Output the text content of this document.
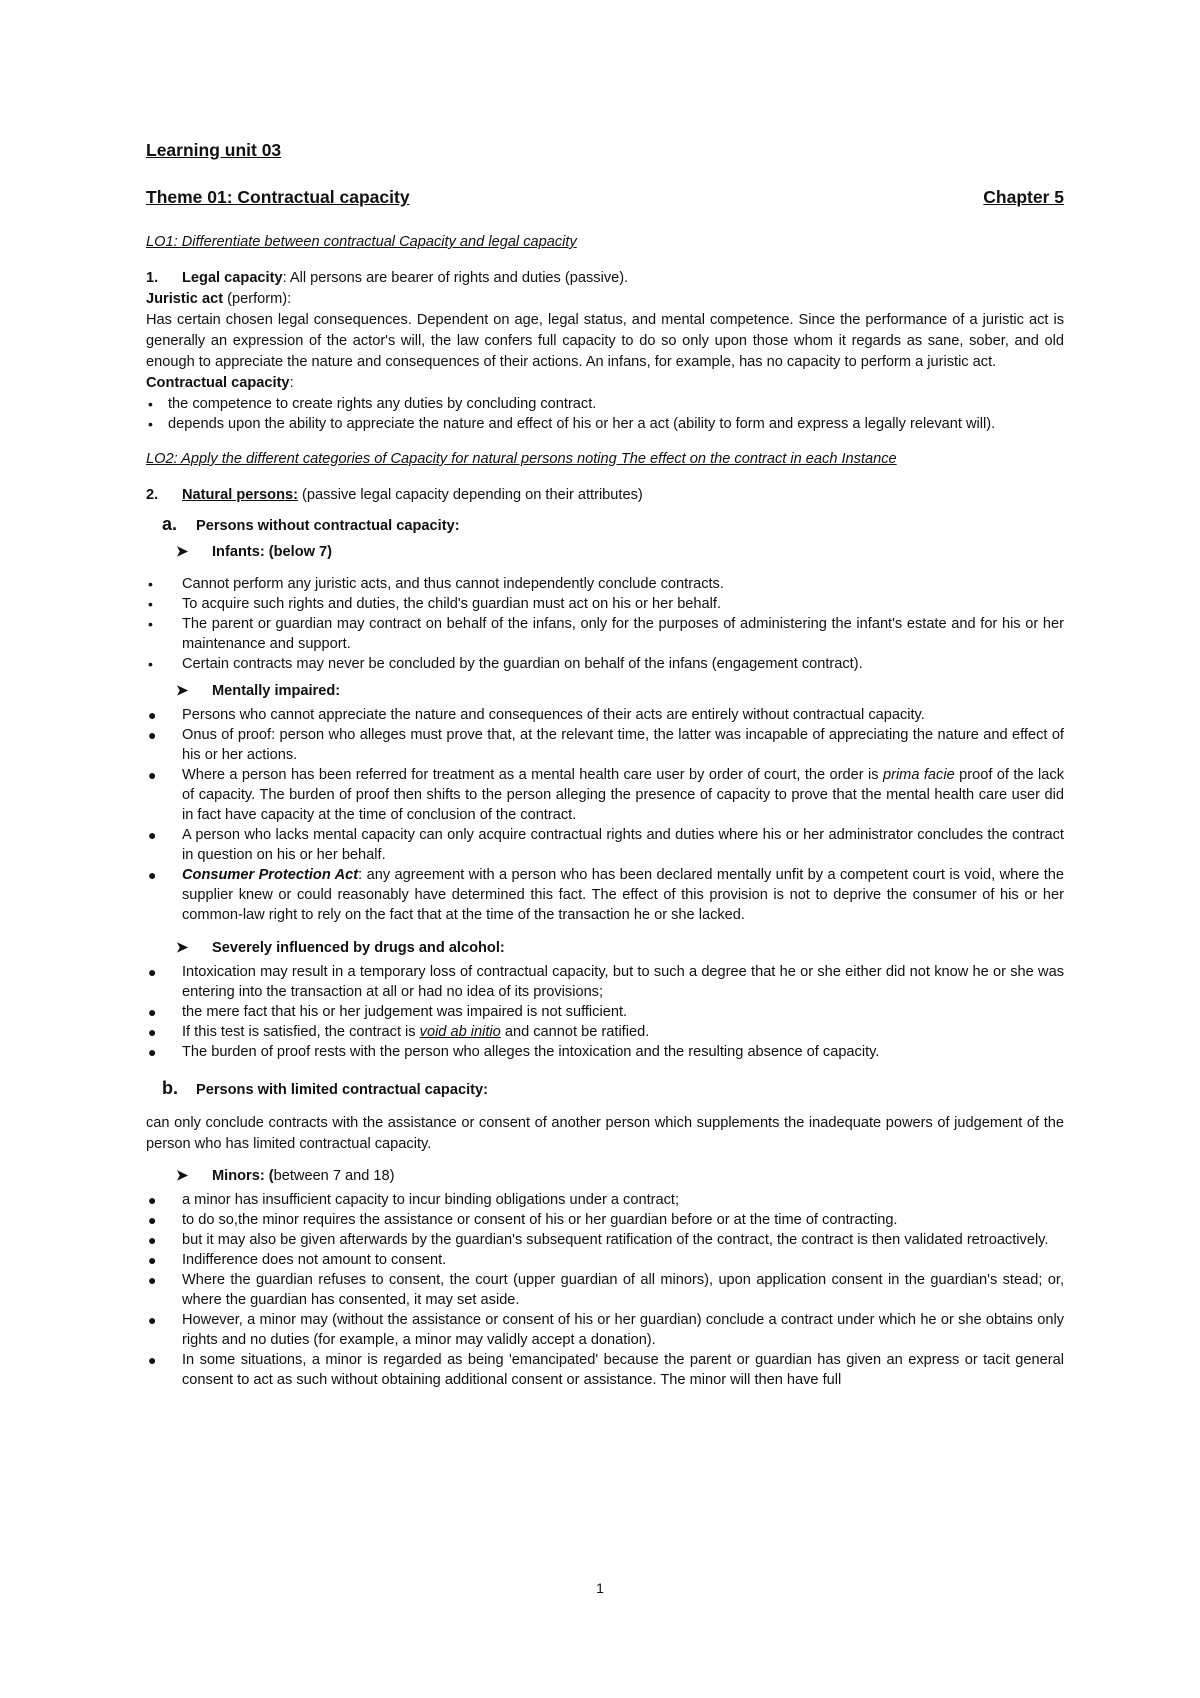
Learning unit 03
Theme 01: Contractual capacity	Chapter 5
LO1: Differentiate between contractual Capacity and legal capacity

1. Legal capacity: All persons are bearer of rights and duties (passive).

Juristic act (perform):

Has certain chosen legal consequences. Dependent on age, legal status, and mental competence. Since the performance of a juristic act is generally an expression of the actor's will, the law confers full capacity to do so only upon those whom it regards as sane, sober, and old enough to appreciate the nature and consequences of their actions. An infans, for example, has no capacity to perform a juristic act.

Contractual capacity:

• the competence to create rights any duties by concluding contract.
• depends upon the ability to appreciate the nature and effect of his or her a act (ability to form and express a legally relevant will).
LO2: Apply the different categories of Capacity for natural persons noting The effect on the contract in each Instance

2. Natural persons: (passive legal capacity depending on their attributes)

a. Persons without contractual capacity:
➤ Infants: (below 7)
• Cannot perform any juristic acts, and thus cannot independently conclude contracts.
• To acquire such rights and duties, the child's guardian must act on his or her behalf.
• The parent or guardian may contract on behalf of the infans, only for the purposes of administering the infant's estate and for his or her maintenance and support.
• Certain contracts may never be concluded by the guardian on behalf of the infans (engagement contract).
➤ Mentally impaired:
● Persons who cannot appreciate the nature and consequences of their acts are entirely without contractual capacity.
● Onus of proof: person who alleges must prove that, at the relevant time, the latter was incapable of appreciating the nature and effect of his or her actions.
● Where a person has been referred for treatment as a mental health care user by order of court, the order is prima facie proof of the lack of capacity. The burden of proof then shifts to the person alleging the presence of capacity to prove that the mental health care user did in fact have capacity at the time of conclusion of the contract.
● A person who lacks mental capacity can only acquire contractual rights and duties where his or her administrator concludes the contract in question on his or her behalf.
● Consumer Protection Act: any agreement with a person who has been declared mentally unfit by a competent court is void, where the supplier knew or could reasonably have determined this fact. The effect of this provision is not to deprive the consumer of his or her common-law right to rely on the fact that at the time of the transaction he or she lacked.
➤ Severely influenced by drugs and alcohol:
● Intoxication may result in a temporary loss of contractual capacity, but to such a degree that he or she either did not know he or she was entering into the transaction at all or had no idea of its provisions;
● the mere fact that his or her judgement was impaired is not sufficient.
● If this test is satisfied, the contract is void ab initio and cannot be ratified.
● The burden of proof rests with the person who alleges the intoxication and the resulting absence of capacity.
b. Persons with limited contractual capacity:

can only conclude contracts with the assistance or consent of another person which supplements the inadequate powers of judgement of the person who has limited contractual capacity.

➤ Minors: (between 7 and 18)
● a minor has insufficient capacity to incur binding obligations under a contract;
● to do so,the minor requires the assistance or consent of his or her guardian before or at the time of contracting.
● but it may also be given afterwards by the guardian's subsequent ratification of the contract, the contract is then validated retroactively.
● Indifference does not amount to consent.
● Where the guardian refuses to consent, the court (upper guardian of all minors), upon application consent in the guardian's stead; or, where the guardian has consented, it may set aside.
● However, a minor may (without the assistance or consent of his or her guardian) conclude a contract under which he or she obtains only rights and no duties (for example, a minor may validly accept a donation).
● In some situations, a minor is regarded as being 'emancipated' because the parent or guardian has given an express or tacit general consent to act as such without obtaining additional consent or assistance. The minor will then have full
1
